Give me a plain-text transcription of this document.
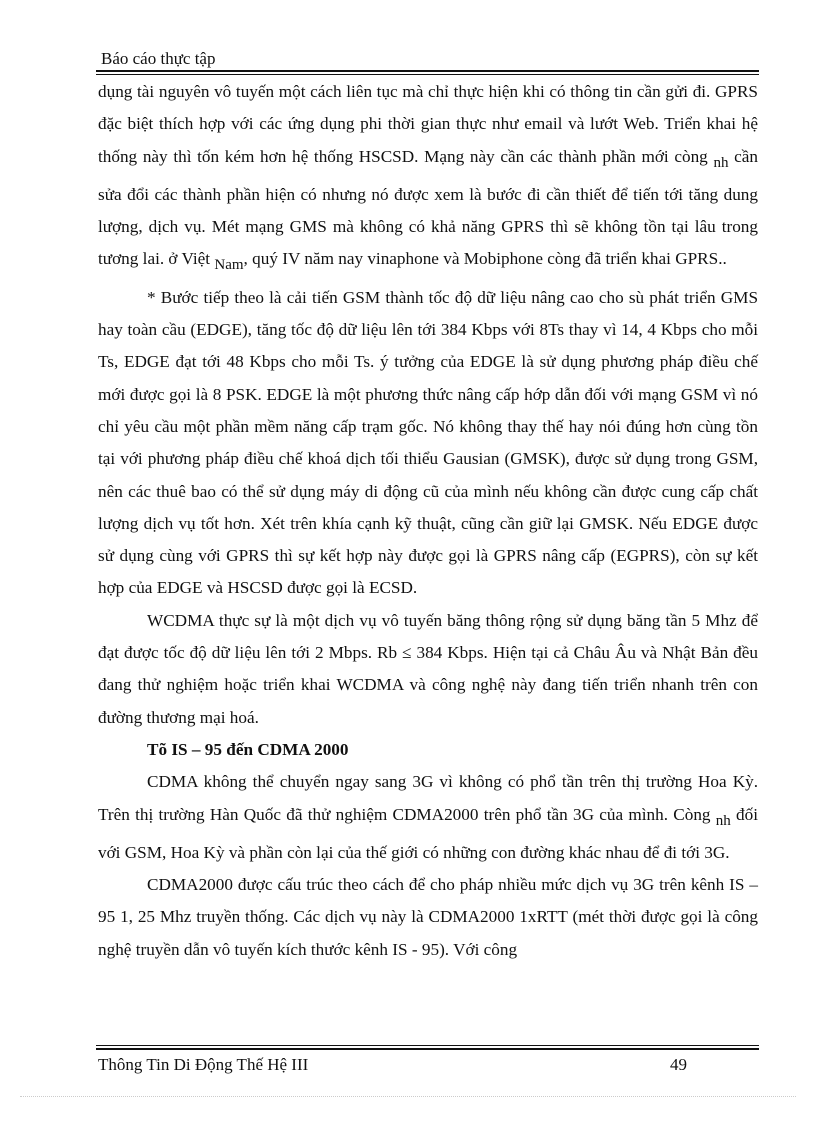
Báo cáo thực tập

dụng tài nguyên vô tuyến một cách liên tục mà chỉ thực hiện khi có thông tin cần gửi đi. GPRS đặc biệt thích hợp với các ứng dụng phi thời gian thực như email và lướt Web. Triển khai hệ thống này thì tốn kém hơn hệ thống HSCSD. Mạng này cần các thành phần mới còng nh cần sửa đổi các thành phần hiện có nhưng nó được xem là bước đi cần thiết để tiến tới tăng dung lượng, dịch vụ. Mét mạng GMS mà không có khả năng GPRS thì sẽ không tồn tại lâu trong tương lai. ở Việt Nam, quý IV năm nay vinaphone và Mobiphone còng đã triển khai GPRS..

* Bước tiếp theo là cải tiến GSM thành tốc độ dữ liệu nâng cao cho sù phát triển GMS hay toàn cầu (EDGE), tăng tốc độ dữ liệu lên tới 384 Kbps với 8Ts thay vì 14, 4 Kbps cho mỗi Ts, EDGE đạt tới 48 Kbps cho mỗi Ts. ý tưởng của EDGE là sử dụng phương pháp điều chế mới được gọi là 8 PSK. EDGE là một phương thức nâng cấp hớp dẫn đối với mạng GSM vì nó chỉ yêu cầu một phần mềm năng cấp trạm gốc. Nó không thay thế hay nói đúng hơn cùng tồn tại với phương pháp điều chế khoá dịch tối thiểu Gausian (GMSK), được sử dụng trong GSM, nên các thuê bao có thể sử dụng máy di động cũ của mình nếu không cần được cung cấp chất lượng dịch vụ tốt hơn. Xét trên khía cạnh kỹ thuật, cũng cần giữ lại GMSK. Nếu EDGE được sử dụng cùng với GPRS thì sự kết hợp này được gọi là GPRS nâng cấp (EGPRS), còn sự kết hợp của EDGE và HSCSD được gọi là ECSD.

WCDMA thực sự là một dịch vụ vô tuyến băng thông rộng sử dụng băng tần 5 Mhz để đạt được tốc độ dữ liệu lên tới 2 Mbps. Rb ≤ 384 Kbps. Hiện tại cả Châu Âu và Nhật Bản đều đang thử nghiệm hoặc triển khai WCDMA và công nghệ này đang tiến triển nhanh trên con đường thương mại hoá.

Tõ IS – 95 đến CDMA 2000

CDMA không thể chuyển ngay sang 3G vì không có phổ tần trên thị trường Hoa Kỳ. Trên thị trường Hàn Quốc đã thử nghiệm CDMA2000 trên phổ tần 3G của mình. Còng nh đối với GSM, Hoa Kỳ và phần còn lại của thế giới có những con đường khác nhau để đi tới 3G.

CDMA2000 được cấu trúc theo cách để cho pháp nhiều mức dịch vụ 3G trên kênh IS – 95 1, 25 Mhz truyền thống. Các dịch vụ này là CDMA2000 1xRTT (mét thời được gọi là công nghệ truyền dẫn vô tuyến kích thước kênh IS - 95). Với công

Thông Tin Di Động Thế Hệ III	49
